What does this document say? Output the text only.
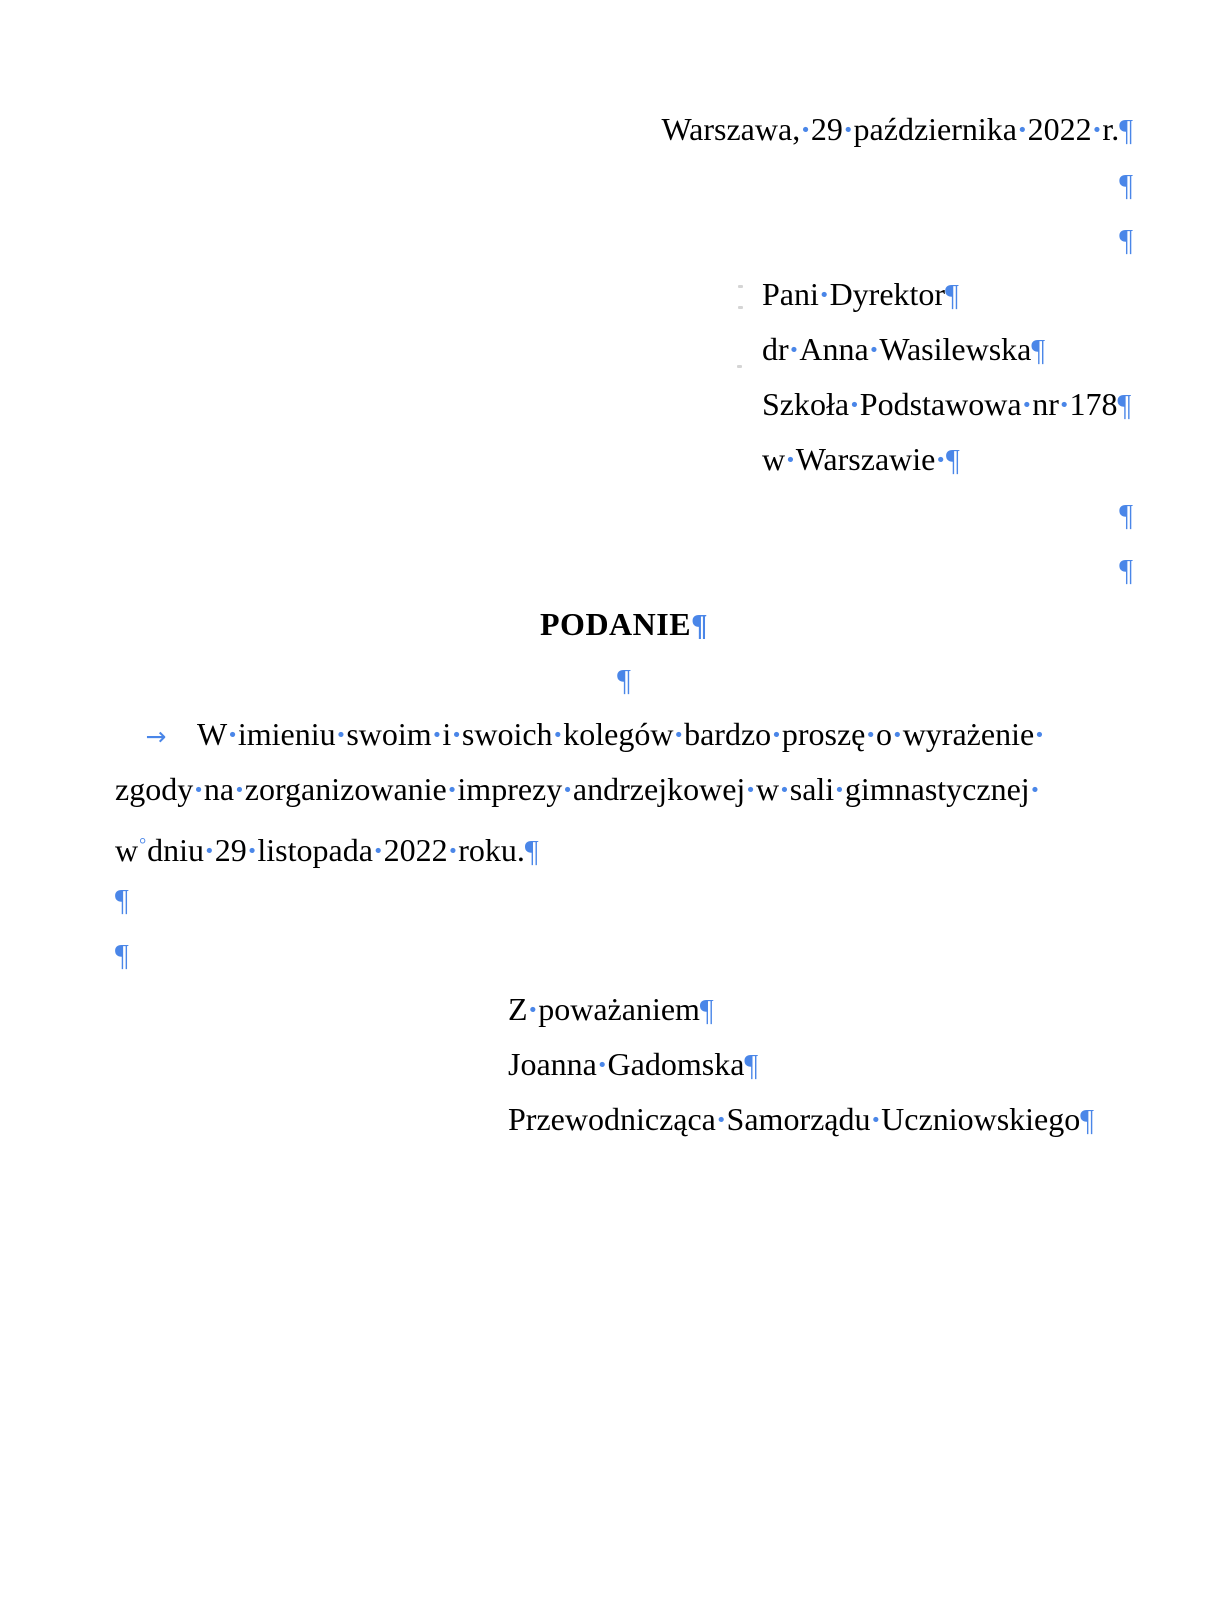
Warszawa,·29·października·2022·r.¶
¶
¶
Pani·Dyrektor¶
dr·Anna·Wasilewska¶
Szkoła·Podstawowa·nr·178¶
w·Warszawie·¶
¶
¶
PODANIE¶
¶
→ W·imieniu·swoim·i·swoich·kolegów·bardzo·proszę·o·wyrażenie·
zgody·na·zorganizowanie·imprezy·andrzejkowej·w·sali·gimnastycznej·
w°dniu·29·listopada·2022·roku.¶
¶
¶
Z·poważaniem¶
Joanna·Gadomska¶
Przewodnicząca·Samorządu·Uczniowskiego¶
